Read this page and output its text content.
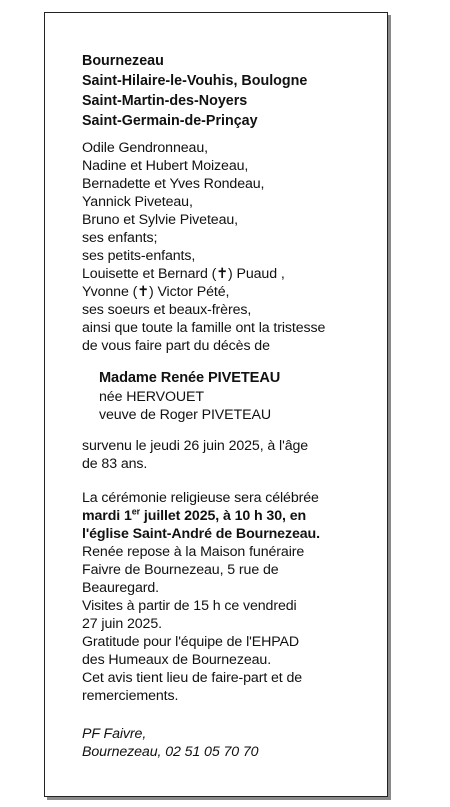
Bournezeau
Saint-Hilaire-le-Vouhis, Boulogne
Saint-Martin-des-Noyers
Saint-Germain-de-Prinçay
Odile Gendronneau,
Nadine et Hubert Moizeau,
Bernadette et Yves Rondeau,
Yannick Piveteau,
Bruno et Sylvie Piveteau,
ses enfants;
ses petits-enfants,
Louisette et Bernard (✝) Puaud ,
Yvonne (✝) Victor Pété,
ses soeurs et beaux-frères,
ainsi que toute la famille ont la tristesse
de vous faire part du décès de
Madame Renée PIVETEAU
née HERVOUET
veuve de Roger PIVETEAU
survenu le jeudi 26 juin 2025, à l'âge
de 83 ans.
La cérémonie religieuse sera célébrée
mardi 1er juillet 2025, à 10 h 30, en
l'église Saint-André de Bournezeau.
Renée repose à la Maison funéraire
Faivre de Bournezeau, 5 rue de
Beauregard.
Visites à partir de 15 h ce vendredi
27 juin 2025.
Gratitude pour l'équipe de l'EHPAD
des Humeaux de Bournezeau.
Cet avis tient lieu de faire-part et de
remerciements.
PF Faivre,
Bournezeau, 02 51 05 70 70
